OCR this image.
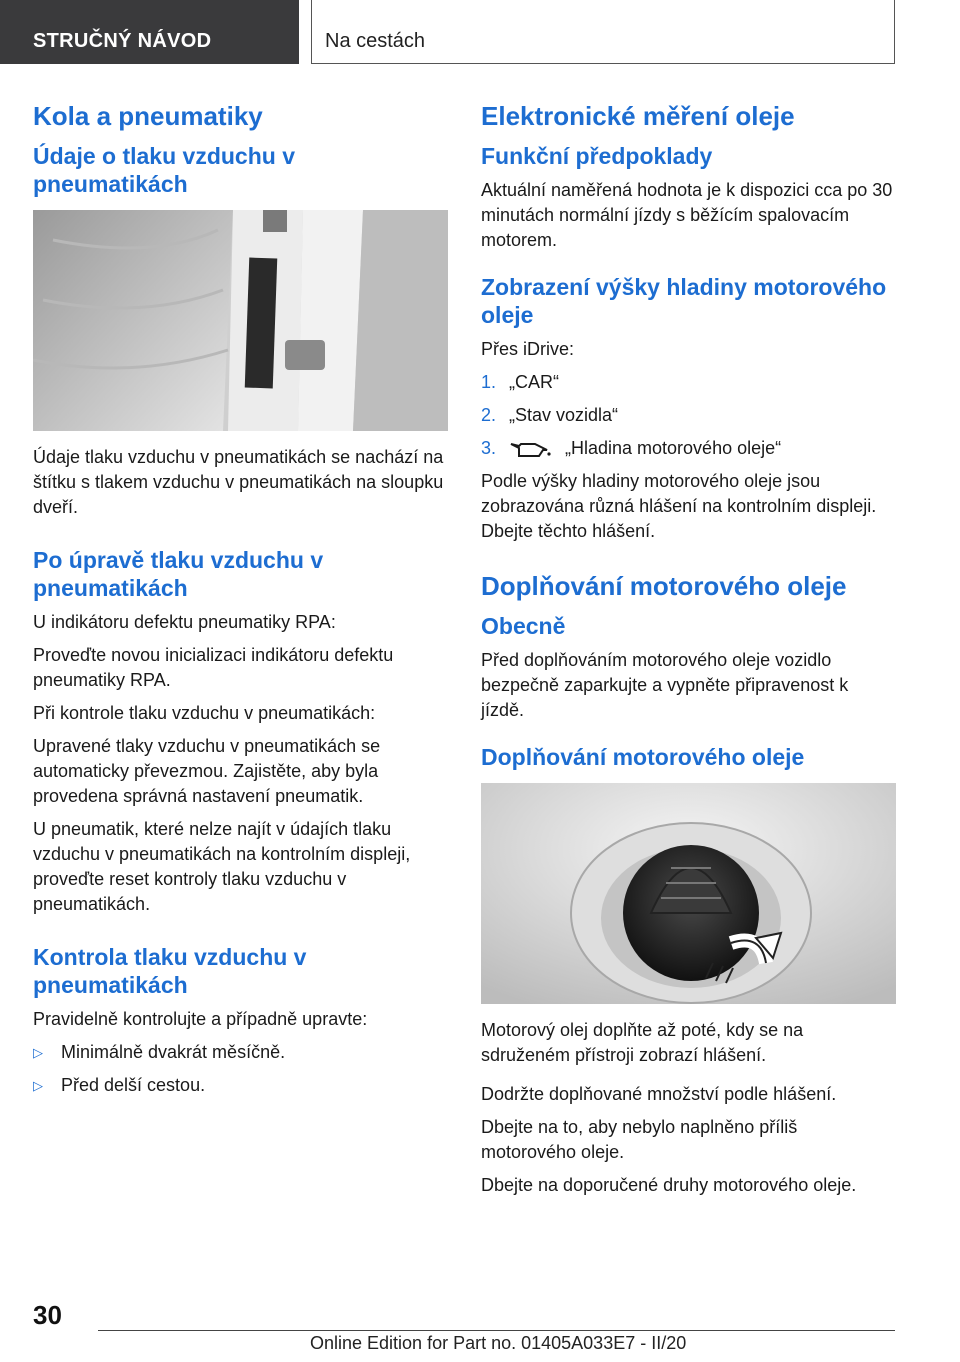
STRUČNÝ NÁVOD	Na cestách
Kola a pneumatiky
Údaje o tlaku vzduchu v pneumatikách

Údaje tlaku vzduchu v pneumatikách se nachází na štítku s tlakem vzduchu v pneumatikách na sloupku dveří.

Po úpravě tlaku vzduchu v pneumatikách

U indikátoru defektu pneumatiky RPA:

Proveďte novou inicializaci indikátoru defektu pneumatiky RPA.

Při kontrole tlaku vzduchu v pneumatikách:

Upravené tlaky vzduchu v pneumatikách se automaticky převezmou. Zajistěte, aby byla provedena správná nastavení pneumatik.

U pneumatik, které nelze najít v údajích tlaku vzduchu v pneumatikách na kontrolním displeji, proveďte reset kontroly tlaku vzduchu v pneumatikách.

Kontrola tlaku vzduchu v pneumatikách

Pravidelně kontrolujte a případně upravte:

▷	Minimálně dvakrát měsíčně.
▷	Před delší cestou.
Elektronické měření oleje
Funkční předpoklady

Aktuální naměřená hodnota je k dispozici cca po 30 minutách normální jízdy s běžícím spalovacím motorem.

Zobrazení výšky hladiny motorového oleje

Přes iDrive:

1. „CAR“
2. „Stav vozidla“
3.	„Hladina motorového oleje“

Podle výšky hladiny motorového oleje jsou zobrazována různá hlášení na kontrolním displeji. Dbejte těchto hlášení.

Doplňování motorového oleje
Obecně

Před doplňováním motorového oleje vozidlo bezpečně zaparkujte a vypněte připravenost k jízdě.

Doplňování motorového oleje

Motorový olej doplňte až poté, kdy se na sdruženém přístroji zobrazí hlášení.

Dodržte doplňované množství podle hlášení.

Dbejte na to, aby nebylo naplněno příliš motorového oleje.

Dbejte na doporučené druhy motorového oleje.

30
Online Edition for Part no. 01405A033E7 - II/20
